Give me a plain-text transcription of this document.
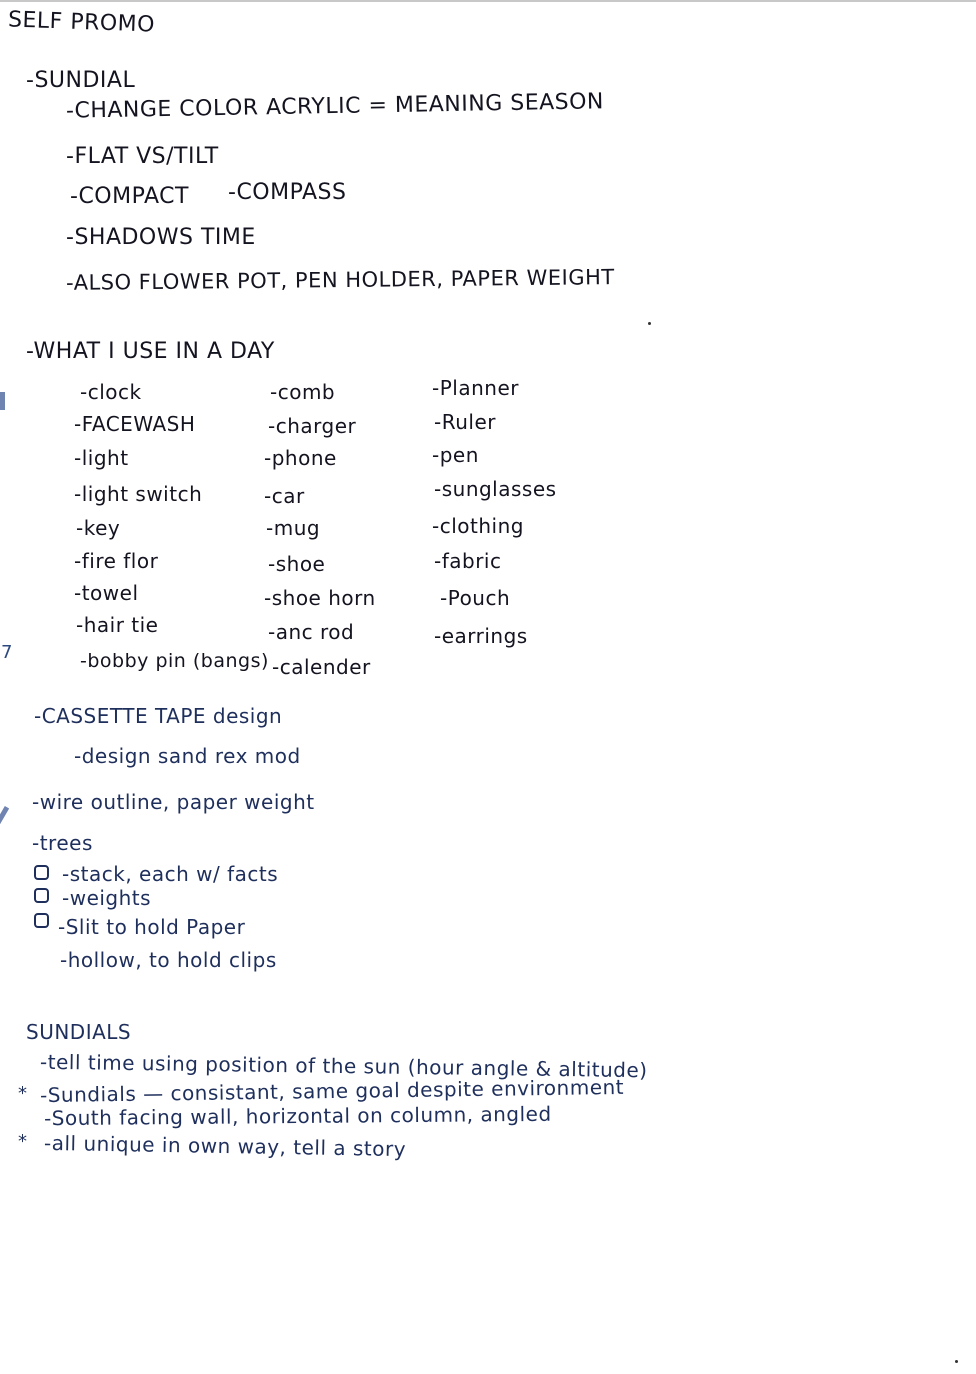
SELF PROMO
-SUNDIAL
-CHANGE COLOR ACRYLIC = MEANING SEASON
-FLAT VS/TILT
-COMPACT -COMPASS
-SHADOWS TIME
-ALSO FLOWER POT, PEN HOLDER, PAPER WEIGHT
-WHAT I USE IN A DAY
-clock
-FACEWASH
-light
-light switch
-key
-fire flor
-towel
-hair tie
-bobby pin (bangs)
-comb
-charger
-phone
-car
-mug
-shoe
-shoe horn
-anc rod
-calender
-Planner
-Ruler
-pen
-sunglasses
-clothing
-fabric
-Pouch
-earrings
-CASSETTE TAPE design
-design sand rex mod
-wire outline, paper weight
-trees
-stack, each w/ facts
-weights
-Slit to hold Paper
-hollow, to hold clips
SUNDIALS
-tell time using position of the sun (hour angle & altitude)
* -Sundials — consistant, same goal despite environment
-South facing wall, horizontal on column, angled
* -all unique in own way, tell a story
7
